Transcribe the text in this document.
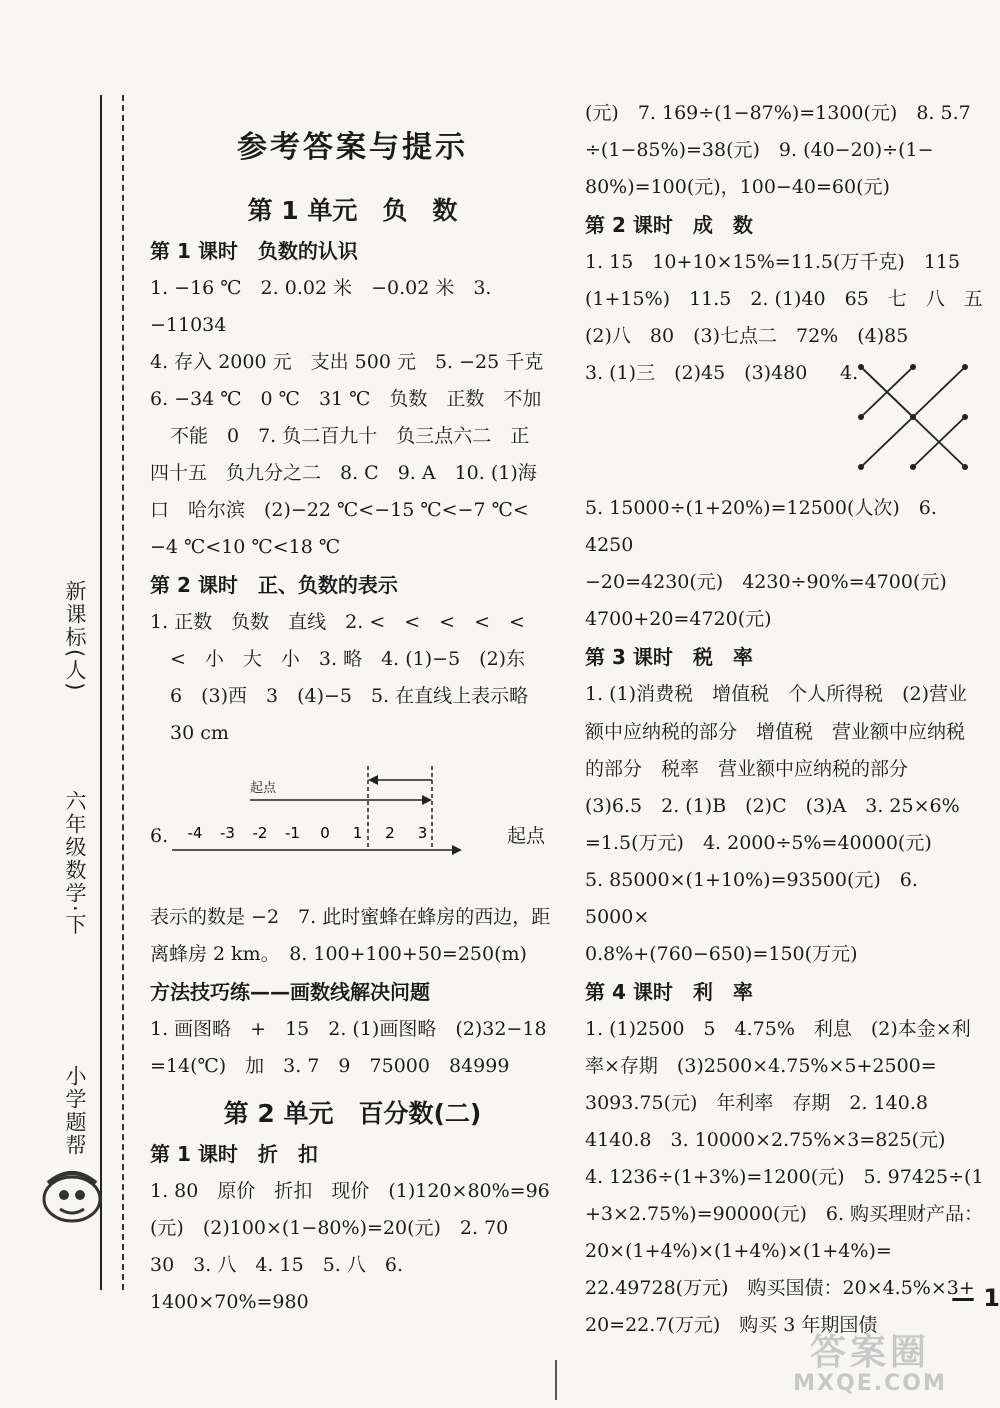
新课标(人)
六年级数学·下
小学题帮
参考答案与提示
第 1 单元　负　数
第 1 课时　负数的认识

1. −16 ℃　2. 0.02 米　−0.02 米　3. −11034

4. 存入 2000 元　支出 500 元　5. −25 千克

6. −34 ℃　0 ℃　31 ℃　负数　正数　不加

不能　0　7. 负二百九十　负三点六二　正

四十五　负九分之二　8. C　9. A　10. (1)海

口　哈尔滨　(2)−22 ℃<−15 ℃<−7 ℃<

−4 ℃<10 ℃<18 ℃

第 2 课时　正、负数的表示

1. 正数　负数　直线　2. <　<　<　<　<

<　小　大　小　3. 略　4. (1)−5　(2)东

6　(3)西　3　(4)−5　5. 在直线上表示略

30 cm

6.
起点
起点
-4 -3 -2 -1 0 1 2 3

表示的数是 −2　7. 此时蜜蜂在蜂房的西边，距

离蜂房 2 km。　8. 100+100+50=250(m)

方法技巧练——画数线解决问题

1. 画图略　+　15　2. (1)画图略　(2)32−18

=14(℃)　加　3. 7　9　75000　84999

第 2 单元　百分数(二)
第 1 课时　折　扣

1. 80　原价　折扣　现价　(1)120×80%=96

(元)　(2)100×(1−80%)=20(元)　2. 70

30　3. 八　4. 15　5. 八　6. 1400×70%=980

(元)　7. 169÷(1−87%)=1300(元)　8. 5.7

÷(1−85%)=38(元)　9. (40−20)÷(1−

80%)=100(元)，100−40=60(元)

第 2 课时　成　数

1. 15　10+10×15%=11.5(万千克)　115

(1+15%)　11.5　2. (1)40　65　七　八　五

(2)八　80　(3)七点二　72%　(4)85

3. (1)三　(2)45　(3)480 4.

5. 15000÷(1+20%)=12500(人次)　6. 4250

−20=4230(元)　4230÷90%=4700(元)

4700+20=4720(元)

第 3 课时　税　率

1. (1)消费税　增值税　个人所得税　(2)营业

额中应纳税的部分　增值税　营业额中应纳税

的部分　税率　营业额中应纳税的部分

(3)6.5　2. (1)B　(2)C　(3)A　3. 25×6%

=1.5(万元)　4. 2000÷5%=40000(元)

5. 85000×(1+10%)=93500(元)　6. 5000×

0.8%+(760−650)=150(万元)

第 4 课时　利　率

1. (1)2500　5　4.75%　利息　(2)本金×利

率×存期　(3)2500×4.75%×5+2500=

3093.75(元)　年利率　存期　2. 140.8

4140.8　3. 10000×2.75%×3=825(元)

4. 1236÷(1+3%)=1200(元)　5. 97425÷(1

+3×2.75%)=90000(元)　6. 购买理财产品：

20×(1+4%)×(1+4%)×(1+4%)=

22.49728(万元)　购买国债：20×4.5%×3+

20=22.7(万元)　购买 3 年期国债

— 1
答案圈
MXQE.COM
